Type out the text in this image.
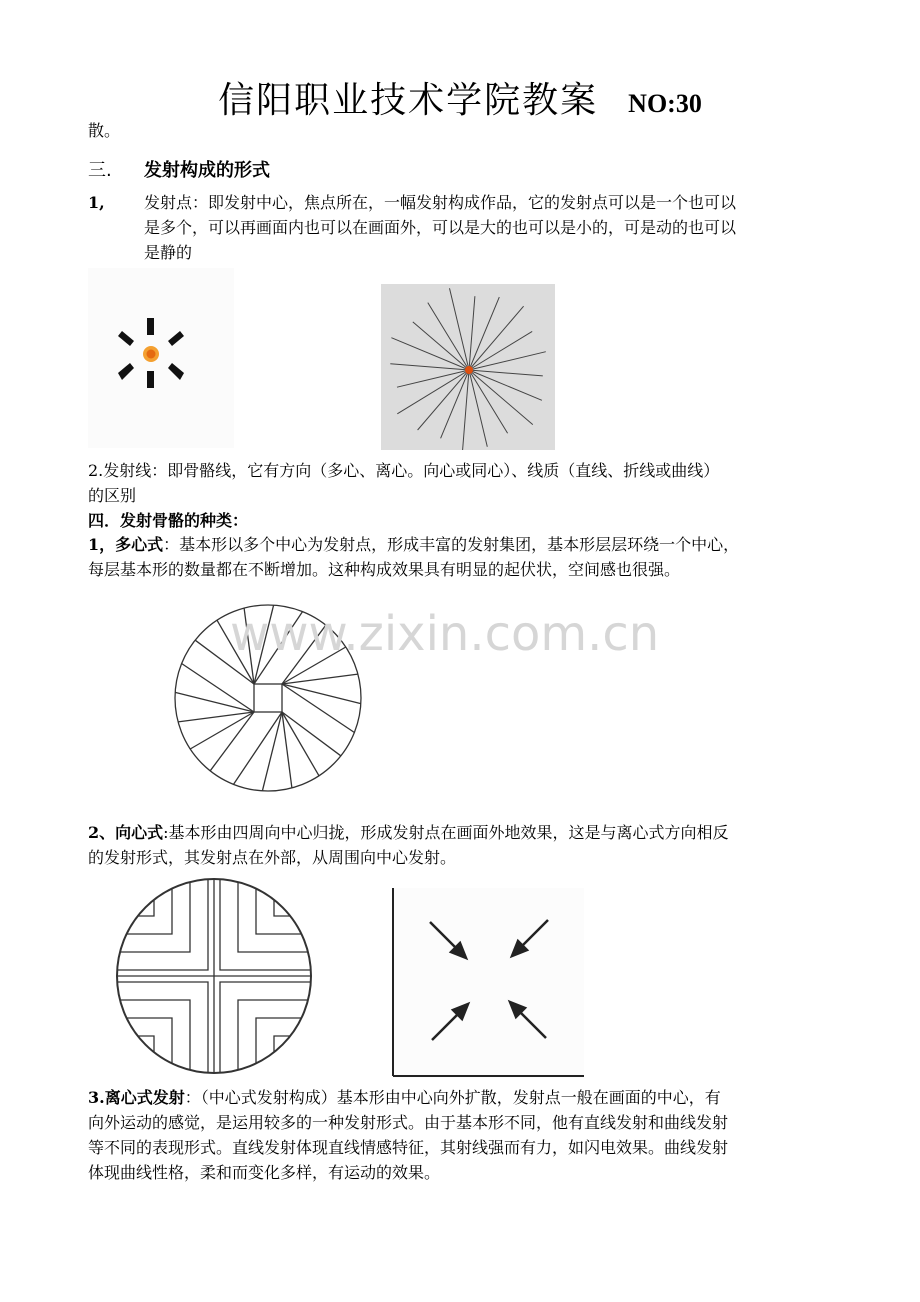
信阳职业技术学院教案 NO:30
散。
三. 发射构成的形式
1, 发射点：即发射中心，焦点所在，一幅发射构成作品，它的发射点可以是一个也可以
是多个，可以再画面内也可以在画面外，可以是大的也可以是小的，可是动的也可以
是静的
2.发射线：即骨骼线，它有方向（多心、离心。向心或同心）、线质（直线、折线或曲线）
的区别
四．发射骨骼的种类：
1，多心式：基本形以多个中心为发射点，形成丰富的发射集团，基本形层层环绕一个中心，
每层基本形的数量都在不断增加。这种构成效果具有明显的起伏状，空间感也很强。
www.zixin.com.cn
2、向心式:基本形由四周向中心归拢，形成发射点在画面外地效果，这是与离心式方向相反
的发射形式，其发射点在外部，从周围向中心发射。
3.离心式发射：（中心式发射构成）基本形由中心向外扩散，发射点一般在画面的中心，有
向外运动的感觉，是运用较多的一种发射形式。由于基本形不同，他有直线发射和曲线发射
等不同的表现形式。直线发射体现直线情感特征，其射线强而有力，如闪电效果。曲线发射
体现曲线性格，柔和而变化多样，有运动的效果。
